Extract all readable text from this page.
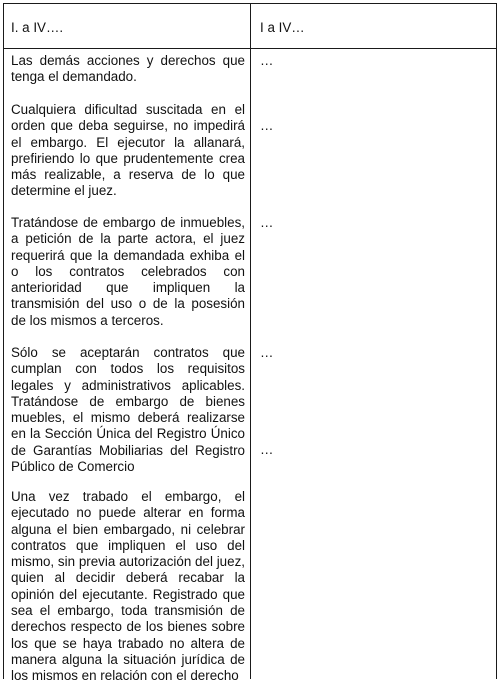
I. a IV….	I a IV…

Las demás acciones y derechos que tenga el demandado.

Cualquiera dificultad suscitada en el orden que deba seguirse, no impedirá el embargo. El ejecutor la allanará, prefiriendo lo que prudentemente crea más realizable, a reserva de lo que determine el juez.

Tratándose de embargo de inmuebles, a petición de la parte actora, el juez requerirá que la demandada exhiba el o los contratos celebrados con anterioridad que impliquen la transmisión del uso o de la posesión de los mismos a terceros.

Sólo se aceptarán contratos que cumplan con todos los requisitos legales y administrativos aplicables. Tratándose de embargo de bienes muebles, el mismo deberá realizarse en la Sección Única del Registro Único de Garantías Mobiliarias del Registro Público de Comercio

Una vez trabado el embargo, el ejecutado no puede alterar en forma alguna el bien embargado, ni celebrar contratos que impliquen el uso del mismo, sin previa autorización del juez, quien al decidir deberá recabar la opinión del ejecutante. Registrado que sea el embargo, toda transmisión de derechos respecto de los bienes sobre los que se haya trabado no altera de manera alguna la situación jurídica de los mismos en relación con el derecho

…

…

…

…

…
